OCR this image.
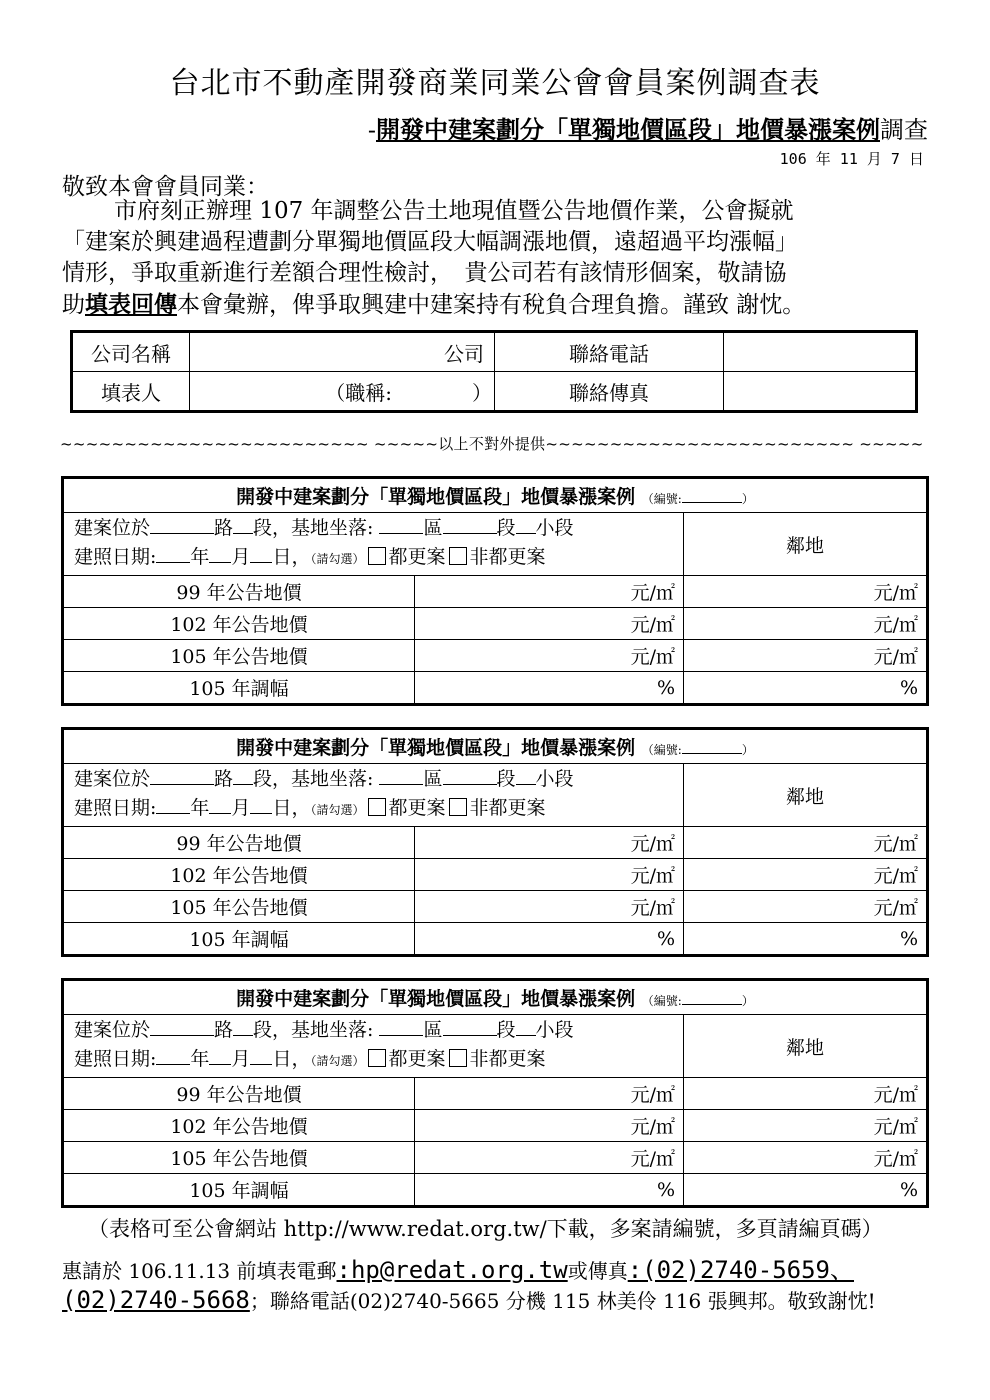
台北市不動產開發商業同業公會會員案例調查表
-開發中建案劃分「單獨地價區段」地價暴漲案例調查
106 年 11 月 7 日
敬致本會會員同業：

市府刻正辦理 107 年調整公告土地現值暨公告地價作業，公會擬就

「建案於興建過程遭劃分單獨地價區段大幅調漲地價，遠超過平均漲幅」

情形，爭取重新進行差額合理性檢討，　貴公司若有該情形個案，敬請協

助填表回傳本會彙辦，俾爭取興建中建案持有稅負合理負擔。謹致 謝忱。

公司名稱	公司	聯絡電話	
填表人	（職稱:　　　　）	聯絡傳真	
~~~~~~~~~~~~~~~~~~~~~~~~ ~~~~~以上不對外提供~~~~~~~~~~~~~~~~~~~~~~~~ ~~~~~
開發中建案劃分「單獨地價區段」地價暴漲案例 （編號: ）		

建案位於 路 段，基地坐落: 區 段 小段
建照日期: 年 月 日，（請勾選） 都更案 非都更案		鄰地
99 年公告地價	元/㎡	元/㎡
102 年公告地價	元/㎡	元/㎡
105 年公告地價	元/㎡	元/㎡
105 年調幅	%	%
開發中建案劃分「單獨地價區段」地價暴漲案例 （編號: ）		

建案位於 路 段，基地坐落: 區 段 小段
建照日期: 年 月 日，（請勾選） 都更案 非都更案		鄰地
99 年公告地價	元/㎡	元/㎡
102 年公告地價	元/㎡	元/㎡
105 年公告地價	元/㎡	元/㎡
105 年調幅	%	%
開發中建案劃分「單獨地價區段」地價暴漲案例 （編號: ）		

建案位於 路 段，基地坐落: 區 段 小段
建照日期: 年 月 日，（請勾選） 都更案 非都更案		鄰地
99 年公告地價	元/㎡	元/㎡
102 年公告地價	元/㎡	元/㎡
105 年公告地價	元/㎡	元/㎡
105 年調幅	%	%
（表格可至公會網站 http://www.redat.org.tw/下載，多案請編號，多頁請編頁碼）
惠請於 106.11.13 前填表電郵:hp@redat.org.tw或傳真:(02)2740-5659、
(02)2740-5668；聯絡電話(02)2740-5665 分機 115 林美伶 116 張興邦。敬致謝忱!
